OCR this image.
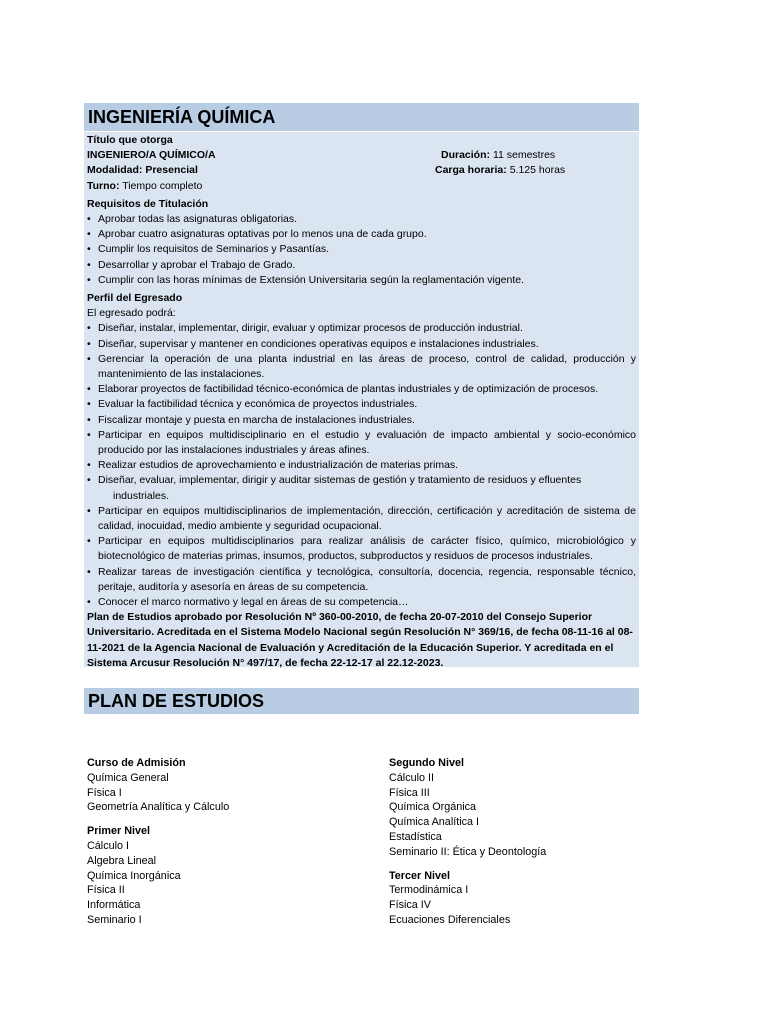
INGENIERÍA QUÍMICA
Título que otorga
INGENIERO/A QUÍMICO/A	Duración: 11 semestres
Modalidad: Presencial	Carga horaria: 5.125 horas
Turno: Tiempo completo
Requisitos de Titulación
• Aprobar todas las asignaturas obligatorias.
• Aprobar cuatro asignaturas optativas por lo menos una de cada grupo.
• Cumplir los requisitos de Seminarios y Pasantías.
• Desarrollar y aprobar el Trabajo de Grado.
• Cumplir con las horas mínimas de Extensión Universitaria según la reglamentación vigente.
Perfil del Egresado
El egresado podrá:
• Diseñar, instalar, implementar, dirigir, evaluar y optimizar procesos de producción industrial.
• Diseñar, supervisar y mantener en condiciones operativas equipos e instalaciones industriales.
• Gerenciar la operación de una planta industrial en las áreas de proceso, control de calidad, producción y mantenimiento de las instalaciones.
• Elaborar proyectos de factibilidad técnico-económica de plantas industriales y de optimización de procesos.
• Evaluar la factibilidad técnica y económica de proyectos industriales.
• Fiscalizar montaje y puesta en marcha de instalaciones industriales.
• Participar en equipos multidisciplinario en el estudio y evaluación de impacto ambiental y socio-económico producido por las instalaciones industriales y áreas afines.
• Realizar estudios de aprovechamiento e industrialización de materias primas.
• Diseñar, evaluar, implementar, dirigir y auditar sistemas de gestión y tratamiento de residuos y efluentes
industriales.
• Participar en equipos multidisciplinarios de implementación, dirección, certificación y acreditación de sistema de calidad, inocuidad, medio ambiente y seguridad ocupacional.
• Participar en equipos multidisciplinarios para realizar análisis de carácter físico, químico, microbiológico y biotecnológico de materias primas, insumos, productos, subproductos y residuos de procesos industriales.
• Realizar tareas de investigación científica y tecnológica, consultoría, docencia, regencia, responsable técnico, peritaje, auditoría y asesoría en áreas de su competencia.
• Conocer el marco normativo y legal en áreas de su competencia…
Plan de Estudios aprobado por Resolución Nº 360-00-2010, de fecha 20-07-2010 del Consejo Superior Universitario. Acreditada en el Sistema Modelo Nacional según Resolución N° 369/16, de fecha 08-11-16 al 08-11-2021 de la Agencia Nacional de Evaluación y Acreditación de la Educación Superior. Y acreditada en el Sistema Arcusur Resolución N° 497/17, de fecha 22-12-17 al 22.12-2023.
PLAN DE ESTUDIOS
Curso de Admisión
Química General
Física I
Geometría Analítica y Cálculo
Primer Nivel
Cálculo I
Algebra Lineal
Química Inorgánica
Física II
Informática
Seminario I
Segundo Nivel
Cálculo II
Física III
Química Orgánica
Química Analítica I
Estadística
Seminario II: Ética y Deontología
Tercer Nivel
Termodinámica I
Física IV
Ecuaciones Diferenciales
